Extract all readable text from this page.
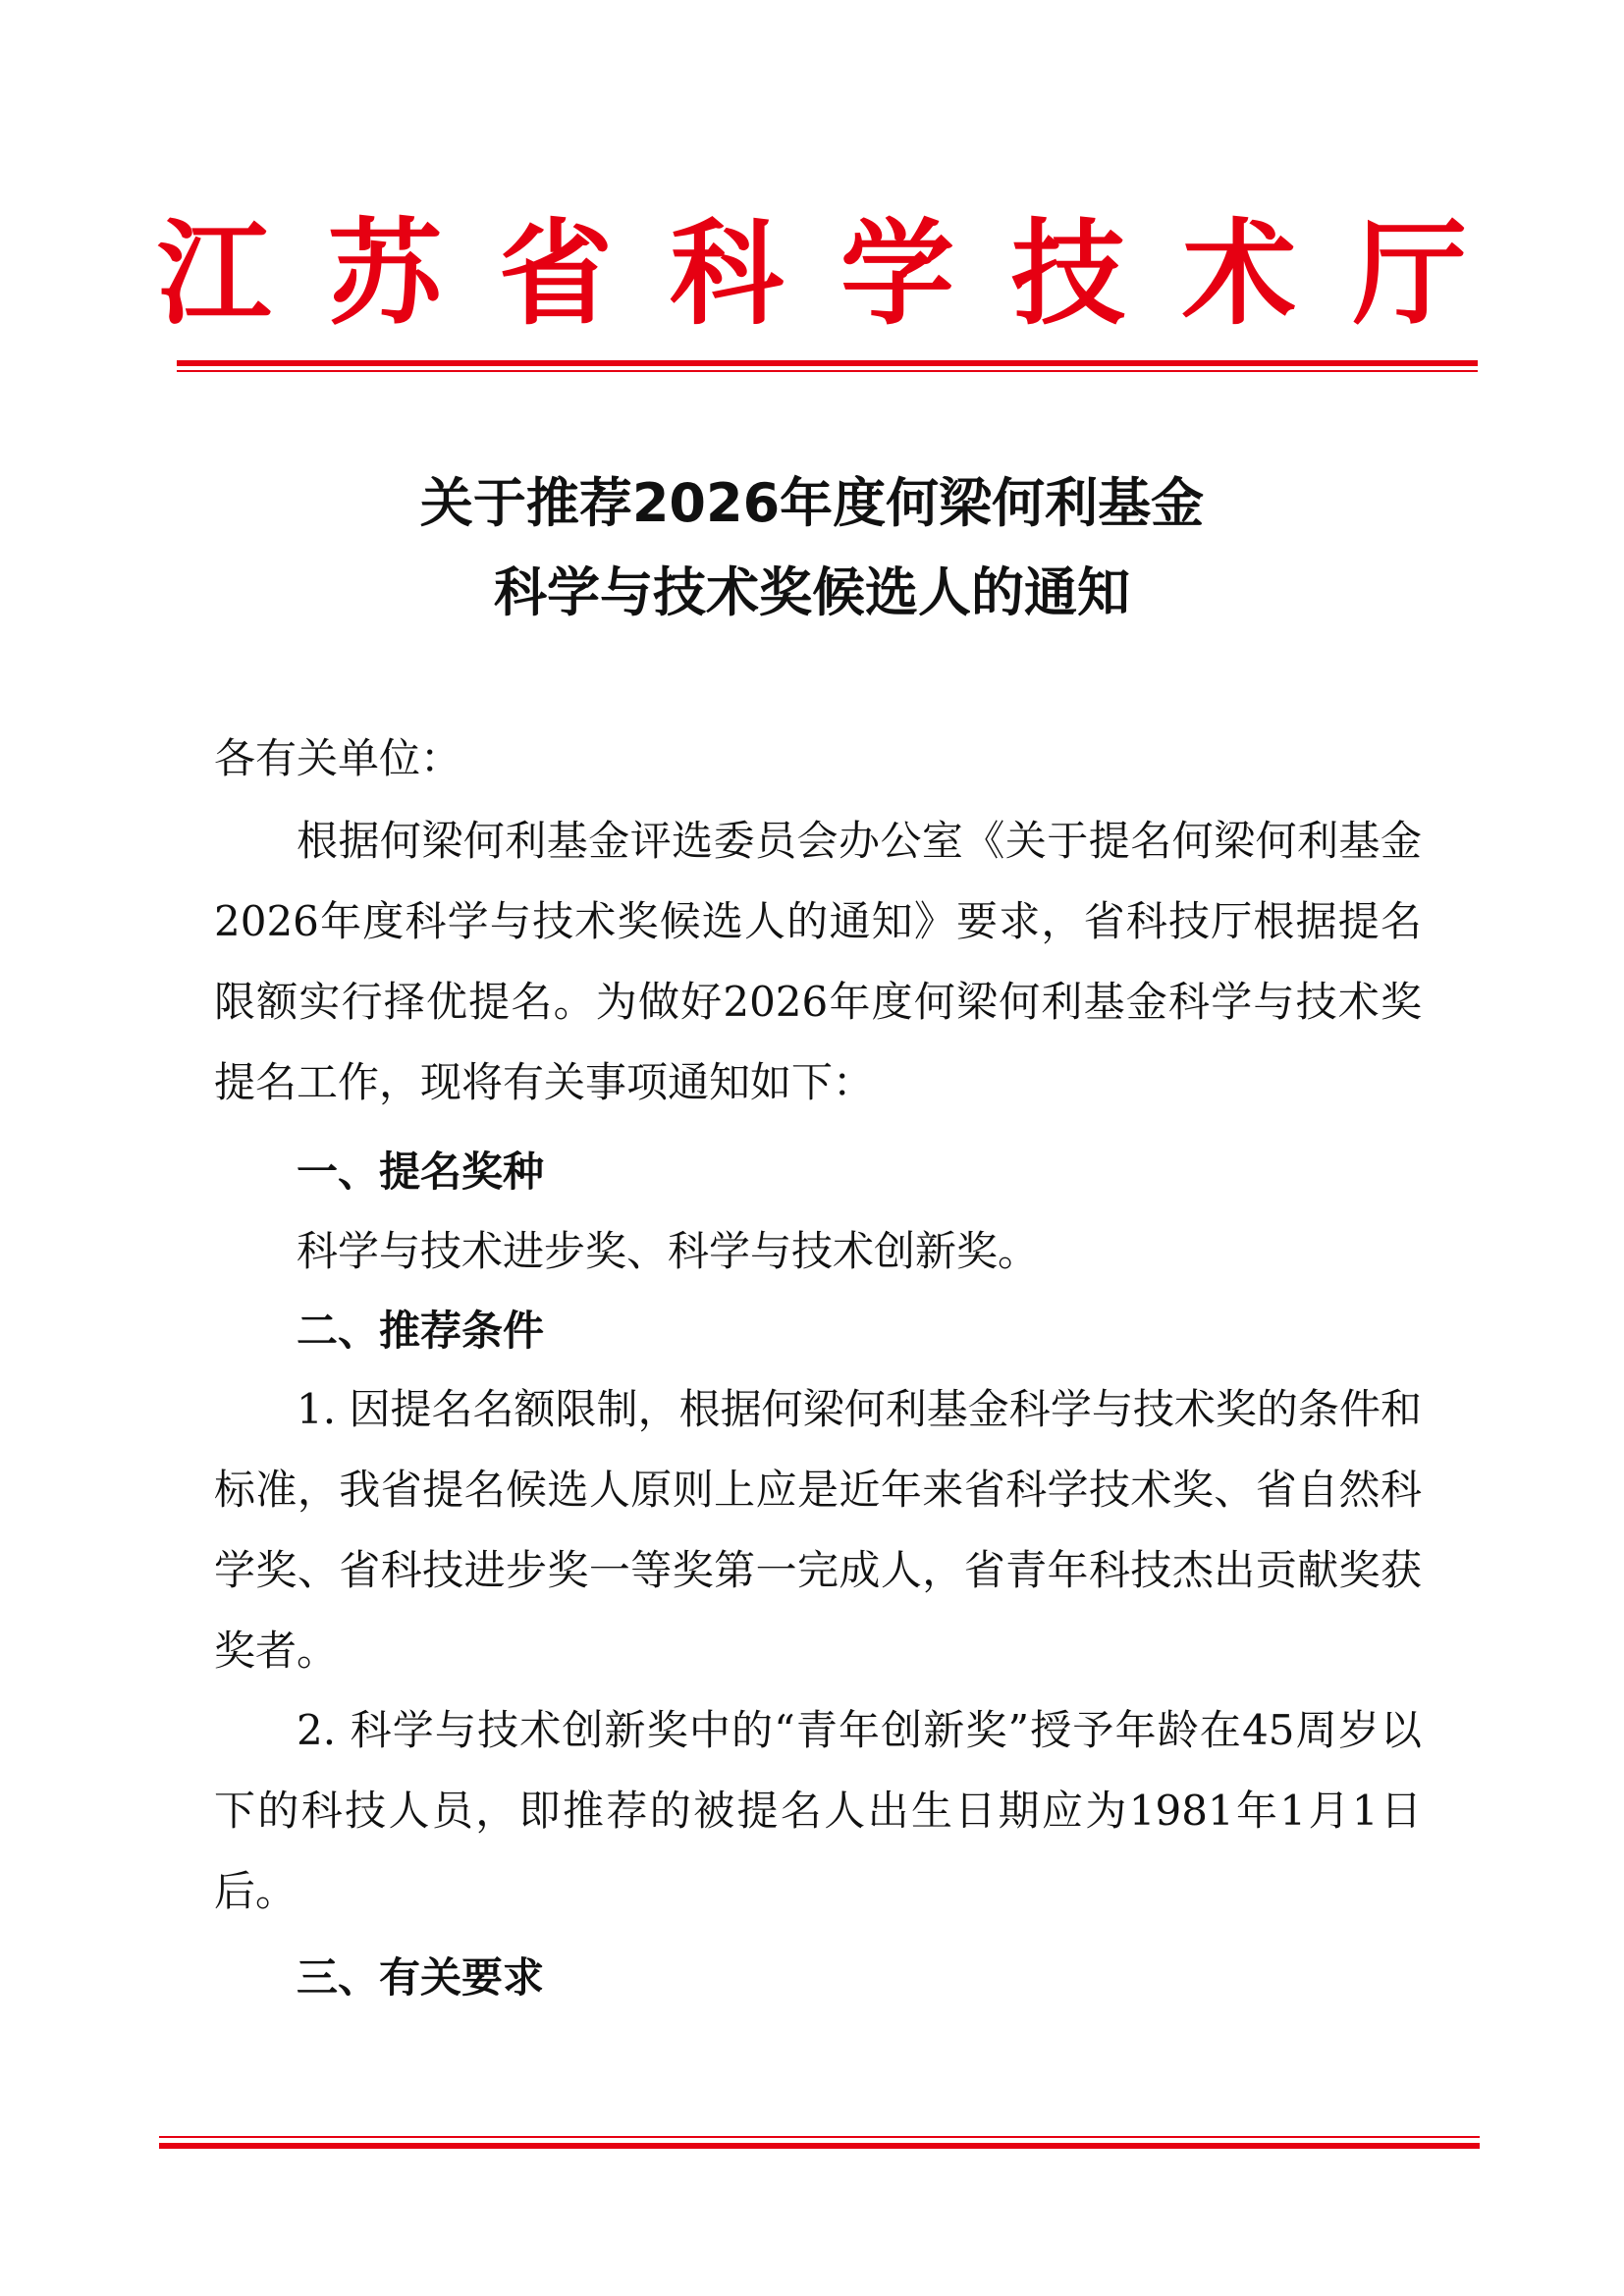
江苏省科学技术厅
关于推荐2026年度何梁何利基金
科学与技术奖候选人的通知
各有关单位：
根据何梁何利基金评选委员会办公室《关于提名何梁何利基金2026年度科学与技术奖候选人的通知》要求，省科技厅根据提名限额实行择优提名。为做好2026年度何梁何利基金科学与技术奖提名工作，现将有关事项通知如下：
一、提名奖种
科学与技术进步奖、科学与技术创新奖。
二、推荐条件
1. 因提名名额限制，根据何梁何利基金科学与技术奖的条件和标准，我省提名候选人原则上应是近年来省科学技术奖、省自然科学奖、省科技进步奖一等奖第一完成人，省青年科技杰出贡献奖获奖者。
2. 科学与技术创新奖中的“青年创新奖”授予年龄在45周岁以下的科技人员，即推荐的被提名人出生日期应为1981年1月1日后。
三、有关要求
